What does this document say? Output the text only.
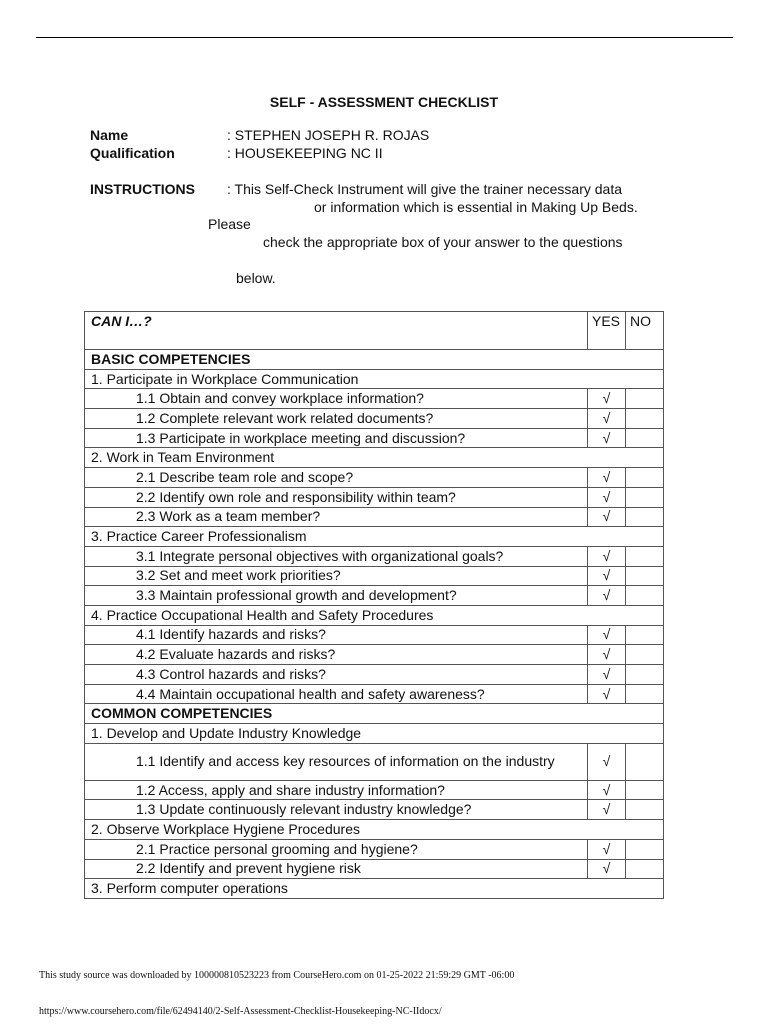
SELF - ASSESSMENT CHECKLIST
Name	: STEPHEN JOSEPH R. ROJAS
Qualification	: HOUSEKEEPING NC II
INSTRUCTIONS : This Self-Check Instrument will give the trainer necessary data
or information which is essential in Making Up Beds.
Please
check the appropriate box of your answer to the questions
below.
CAN I…?	YES	NO
BASIC COMPETENCIES		
1. Participate in Workplace Communication		
1.1 Obtain and convey workplace information?	√	
1.2 Complete relevant work related documents?	√	
1.3 Participate in workplace meeting and discussion?	√	
2. Work in Team Environment		
2.1 Describe team role and scope?	√	
2.2 Identify own role and responsibility within team?	√	
2.3 Work as a team member?	√	
3. Practice Career Professionalism		
3.1 Integrate personal objectives with organizational goals?	√	
3.2 Set and meet work priorities?	√	
3.3 Maintain professional growth and development?	√	
4. Practice Occupational Health and Safety Procedures		
4.1 Identify hazards and risks?	√	
4.2 Evaluate hazards and risks?	√	
4.3 Control hazards and risks?	√	
4.4 Maintain occupational health and safety awareness?	√	
COMMON COMPETENCIES		
1. Develop and Update Industry Knowledge		
1.1 Identify and access key resources of information on the industry	√	
1.2 Access, apply and share industry information?	√	
1.3 Update continuously relevant industry knowledge?	√	
2. Observe Workplace Hygiene Procedures		
2.1 Practice personal grooming and hygiene?	√	
2.2 Identify and prevent hygiene risk	√	
3. Perform computer operations		
This study source was downloaded by 100000810523223 from CourseHero.com on 01-25-2022 21:59:29 GMT -06:00
https://www.coursehero.com/file/62494140/2-Self-Assessment-Checklist-Housekeeping-NC-IIdocx/
